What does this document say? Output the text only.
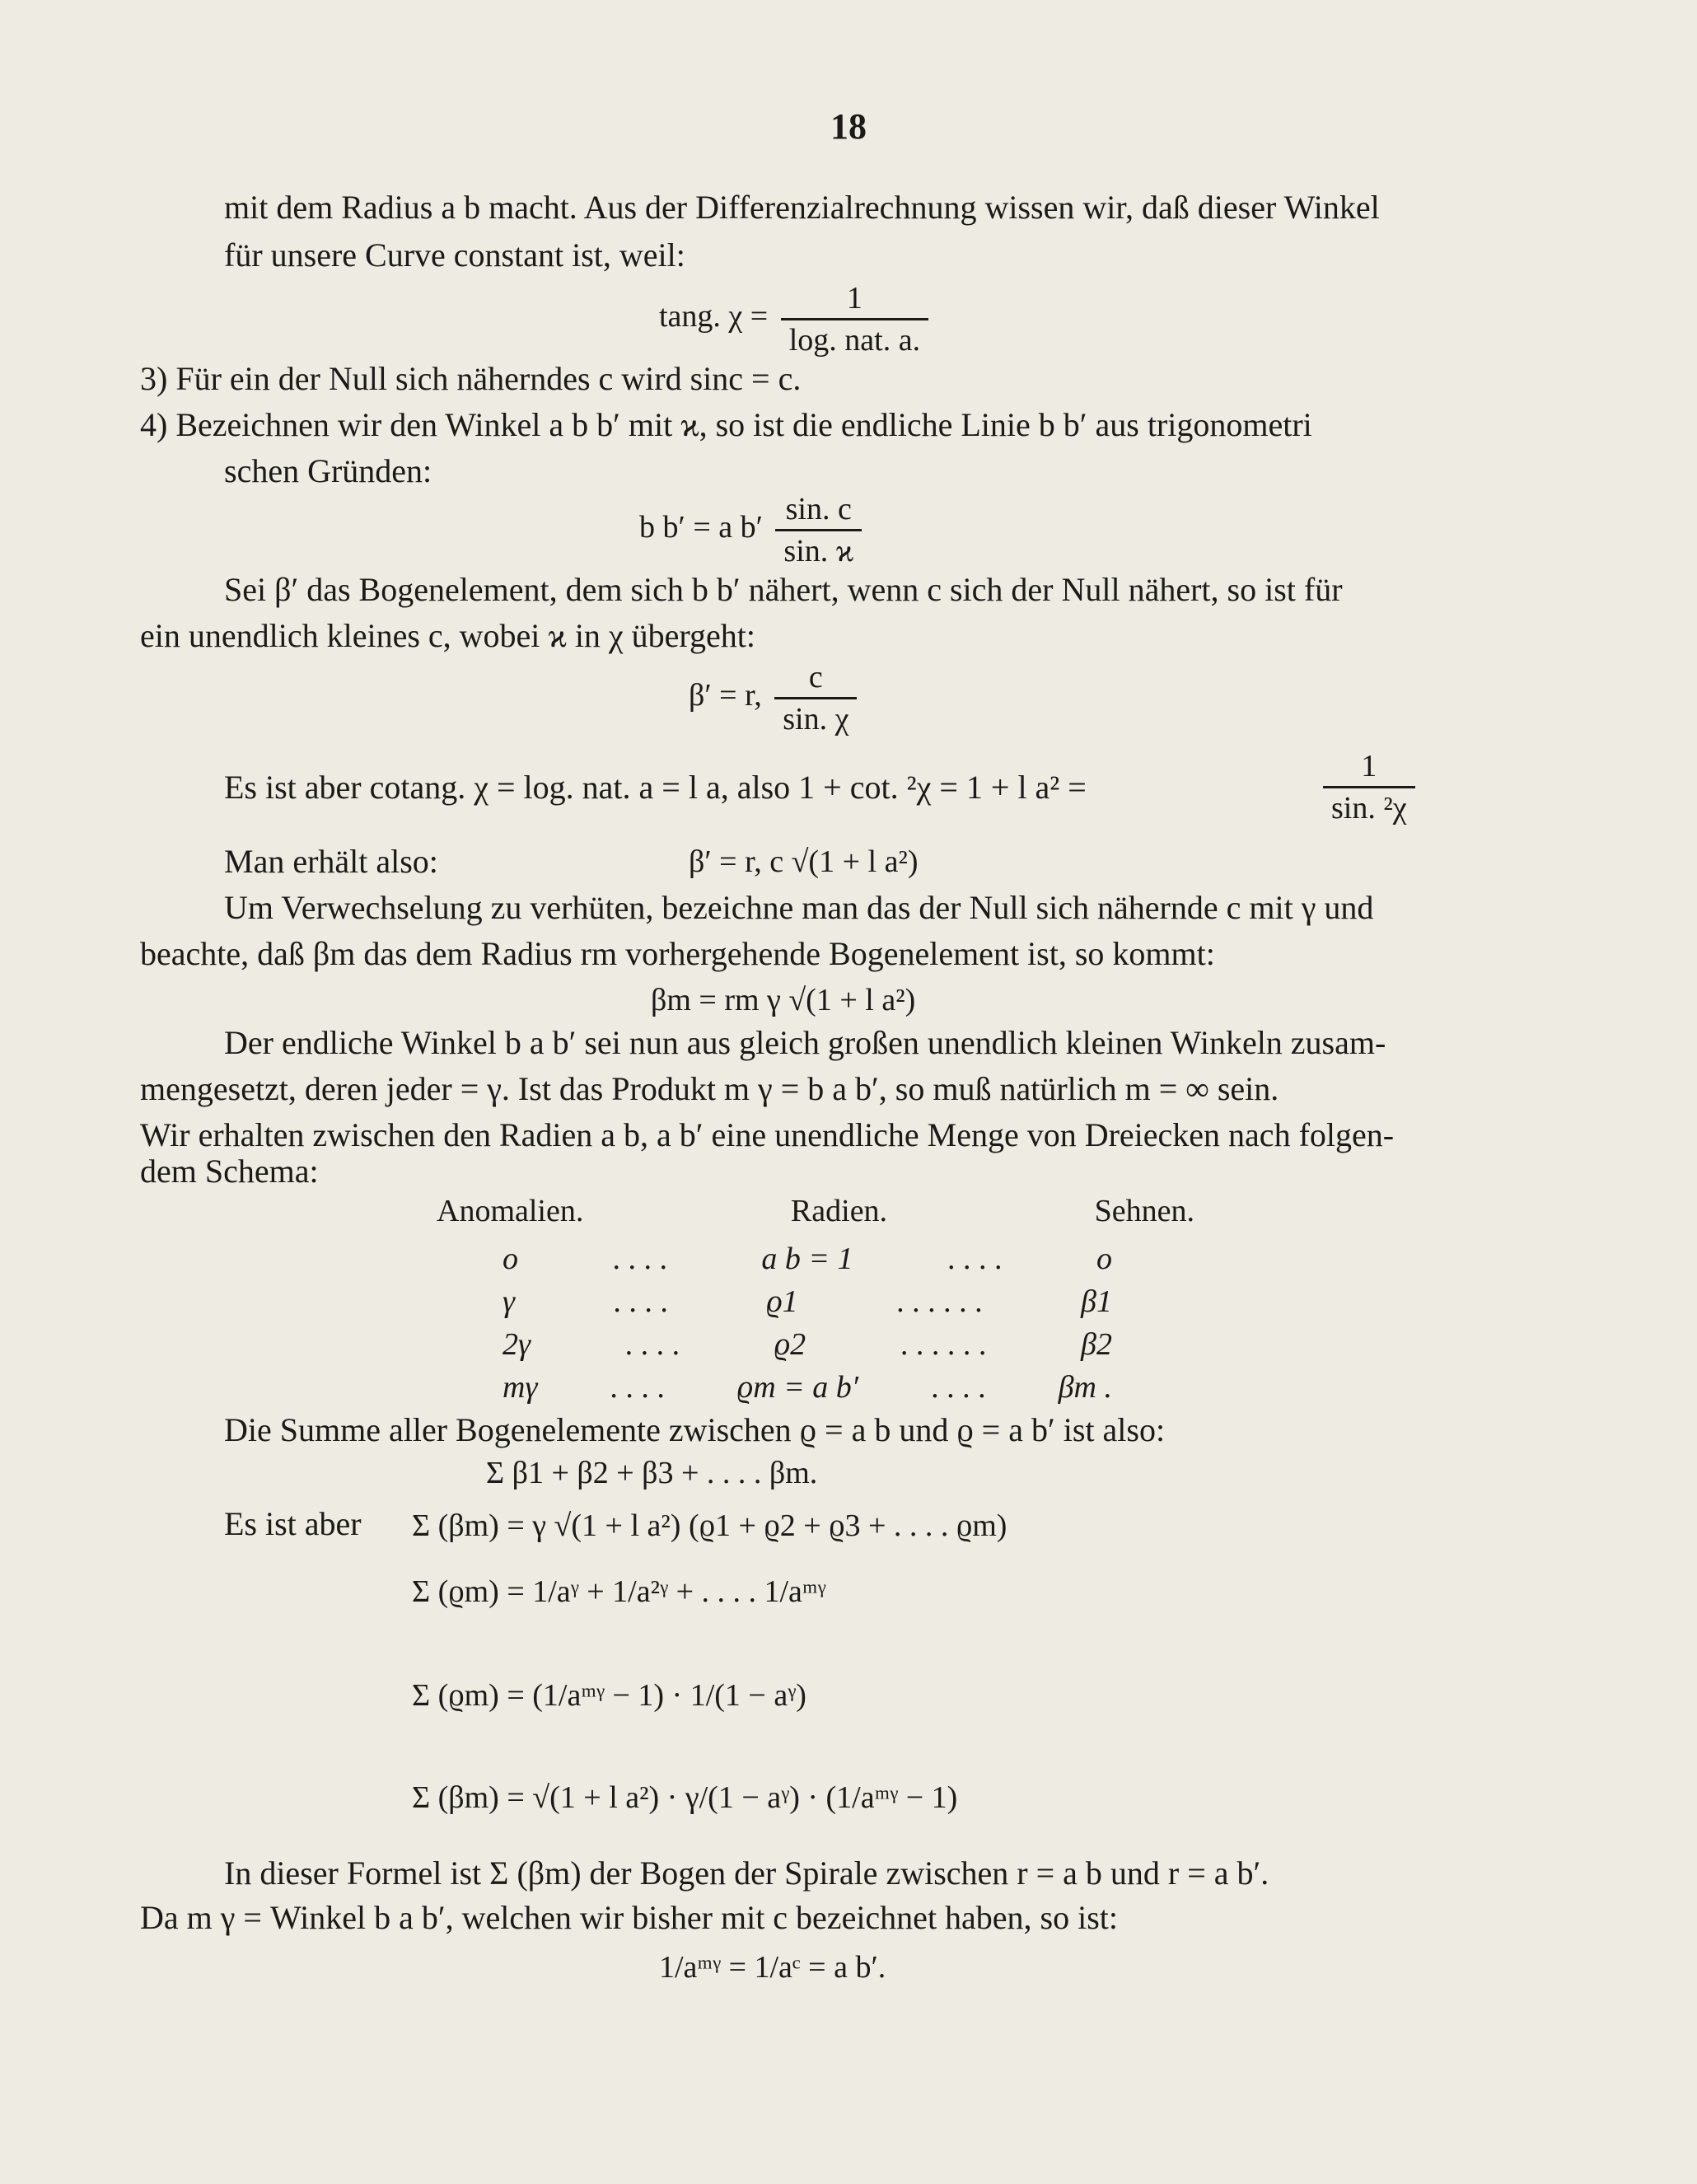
18
mit dem Radius a b macht. Aus der Differenzialrechnung wissen wir, daß dieser Winkel
für unsere Curve constant ist, weil:
tang. $\chi = \frac{1}{\text{log. nat. a.}}$
3) Für ein der Null sich näherndes c wird sinc = c.
4) Bezeichnen wir den Winkel a b b′ mit ϰ, so ist die endliche Linie b b′ aus trigonometri
schen Gründen:
b b′ = a $b' \frac{\sin. c}{\sin. ϰ}$
Sei β′ das Bogenelement, dem sich b b′ nähert, wenn c sich der Null nähert, so ist für
ein unendlich kleines c, wobei ϰ in χ übergeht:
β′ = r, $\frac{c}{\sin. \chi}$
Es ist aber cotang. χ = log. nat. a = l a, also 1 + cot. ²χ = 1 + l a² =	$\frac{1}{\text{sin. ²χ}}$
Man erhält also:	β′ = r, c √(1 + l a²)
Um Verwechselung zu verhüten, bezeichne man das der Null sich nähernde c mit γ und
beachte, daß βm das dem Radius rm vorhergehende Bogenelement ist, so kommt:
βm = rm γ √(1 + l a²)
Der endliche Winkel b a b′ sei nun aus gleich großen unendlich kleinen Winkeln zusam-
mengesetzt, deren jeder = γ. Ist das Produkt m γ = b a b′, so muß natürlich m = ∞ sein.
Wir erhalten zwischen den Radien a b, a b′ eine unendliche Menge von Dreiecken nach folgen-
dem Schema:
Anomalien.	Radien.	Sehnen.
o	. . . .	a b = 1	. . . .	o
γ	. . . .	ϱ1	. . . . . .	β1
2γ	. . . .	ϱ2	. . . . . .	β2
mγ . . . . ϱm = a b′ . . . . βm .
Die Summe aller Bogenelemente zwischen ϱ = a b und ϱ = a b′ ist also:
Σ β1 + β2 + β3 + . . . . βm.
Es ist aber Σ (βm) = γ √(1 + l a²) (ϱ1 + ϱ2 + ϱ3 + . . . . ϱm)
Σ (ϱm) = 1/aᵞ + 1/a²ᵞ + . . . . 1/aᵐᵞ
Σ (ϱm) = (1/aᵐᵞ − 1) · 1/(1 − aᵞ)
Σ (βm) = √(1 + l a²) · γ/(1 − aᵞ) · (1/aᵐᵞ − 1)
In dieser Formel ist Σ (βm) der Bogen der Spirale zwischen r = a b und r = a b′.
Da m γ = Winkel b a b′, welchen wir bisher mit c bezeichnet haben, so ist:
1/aᵐᵞ = 1/aᶜ = a b′.
